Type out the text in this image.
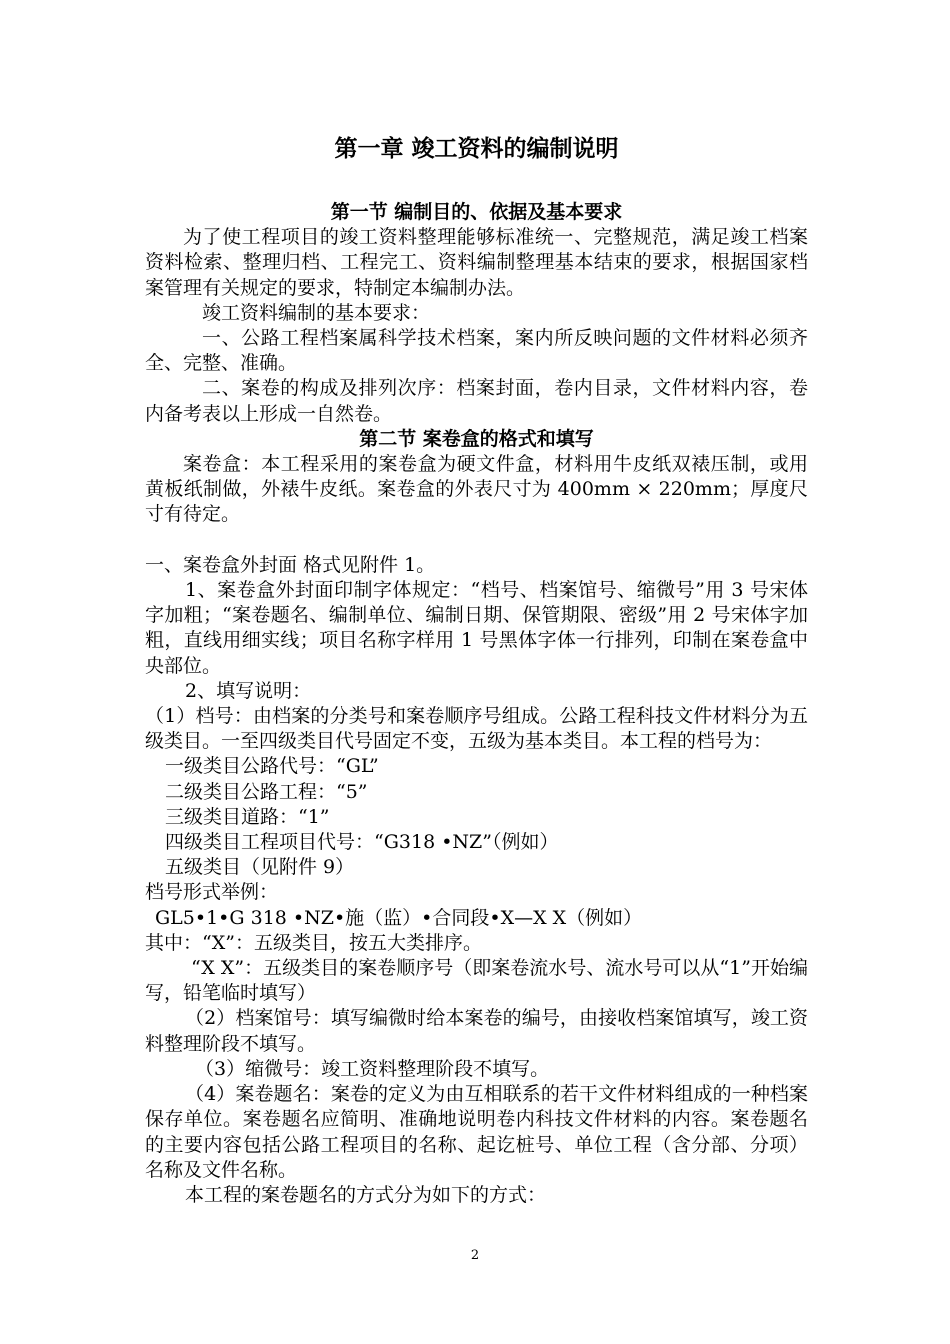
第一章 竣工资料的编制说明

第一节 编制目的、依据及基本要求

为了使工程项目的竣工资料整理能够标准统一、完整规范，满足竣工档案资料检索、整理归档、工程完工、资料编制整理基本结束的要求，根据国家档案管理有关规定的要求，特制定本编制办法。

竣工资料编制的基本要求：

一、公路工程档案属科学技术档案，案内所反映问题的文件材料必须齐全、完整、准确。

二、案卷的构成及排列次序：档案封面，卷内目录，文件材料内容，卷内备考表以上形成一自然卷。

第二节 案卷盒的格式和填写

案卷盒：本工程采用的案卷盒为硬文件盒，材料用牛皮纸双裱压制，或用黄板纸制做，外裱牛皮纸。案卷盒的外表尺寸为 400mm × 220mm；厚度尺寸有待定。

一、案卷盒外封面 格式见附件 1。

1、案卷盒外封面印制字体规定：“档号、档案馆号、缩微号”用 3 号宋体字加粗；“案卷题名、编制单位、编制日期、保管期限、密级”用 2 号宋体字加粗，直线用细实线；项目名称字样用 1 号黑体字体一行排列，印制在案卷盒中央部位。

2、填写说明：

（1）档号：由档案的分类号和案卷顺序号组成。公路工程科技文件材料分为五级类目。一至四级类目代号固定不变，五级为基本类目。本工程的档号为：

一级类目公路代号：“GL”

二级类目公路工程：“5”

三级类目道路：“1”

四级类目工程项目代号：“G318 •NZ”（例如）

五级类目（见附件 9）

档号形式举例：

GL5•1•G 318 •NZ•施（监）•合同段•X—X X（例如）

其中：“X”：五级类目，按五大类排序。

“X X”：五级类目的案卷顺序号（即案卷流水号、流水号可以从“1”开始编写，铅笔临时填写）

（2）档案馆号：填写编微时给本案卷的编号，由接收档案馆填写，竣工资料整理阶段不填写。

（3）缩微号：竣工资料整理阶段不填写。

（4）案卷题名：案卷的定义为由互相联系的若干文件材料组成的一种档案保存单位。案卷题名应简明、准确地说明卷内科技文件材料的内容。案卷题名的主要内容包括公路工程项目的名称、起讫桩号、单位工程（含分部、分项）名称及文件名称。

本工程的案卷题名的方式分为如下的方式：

2
